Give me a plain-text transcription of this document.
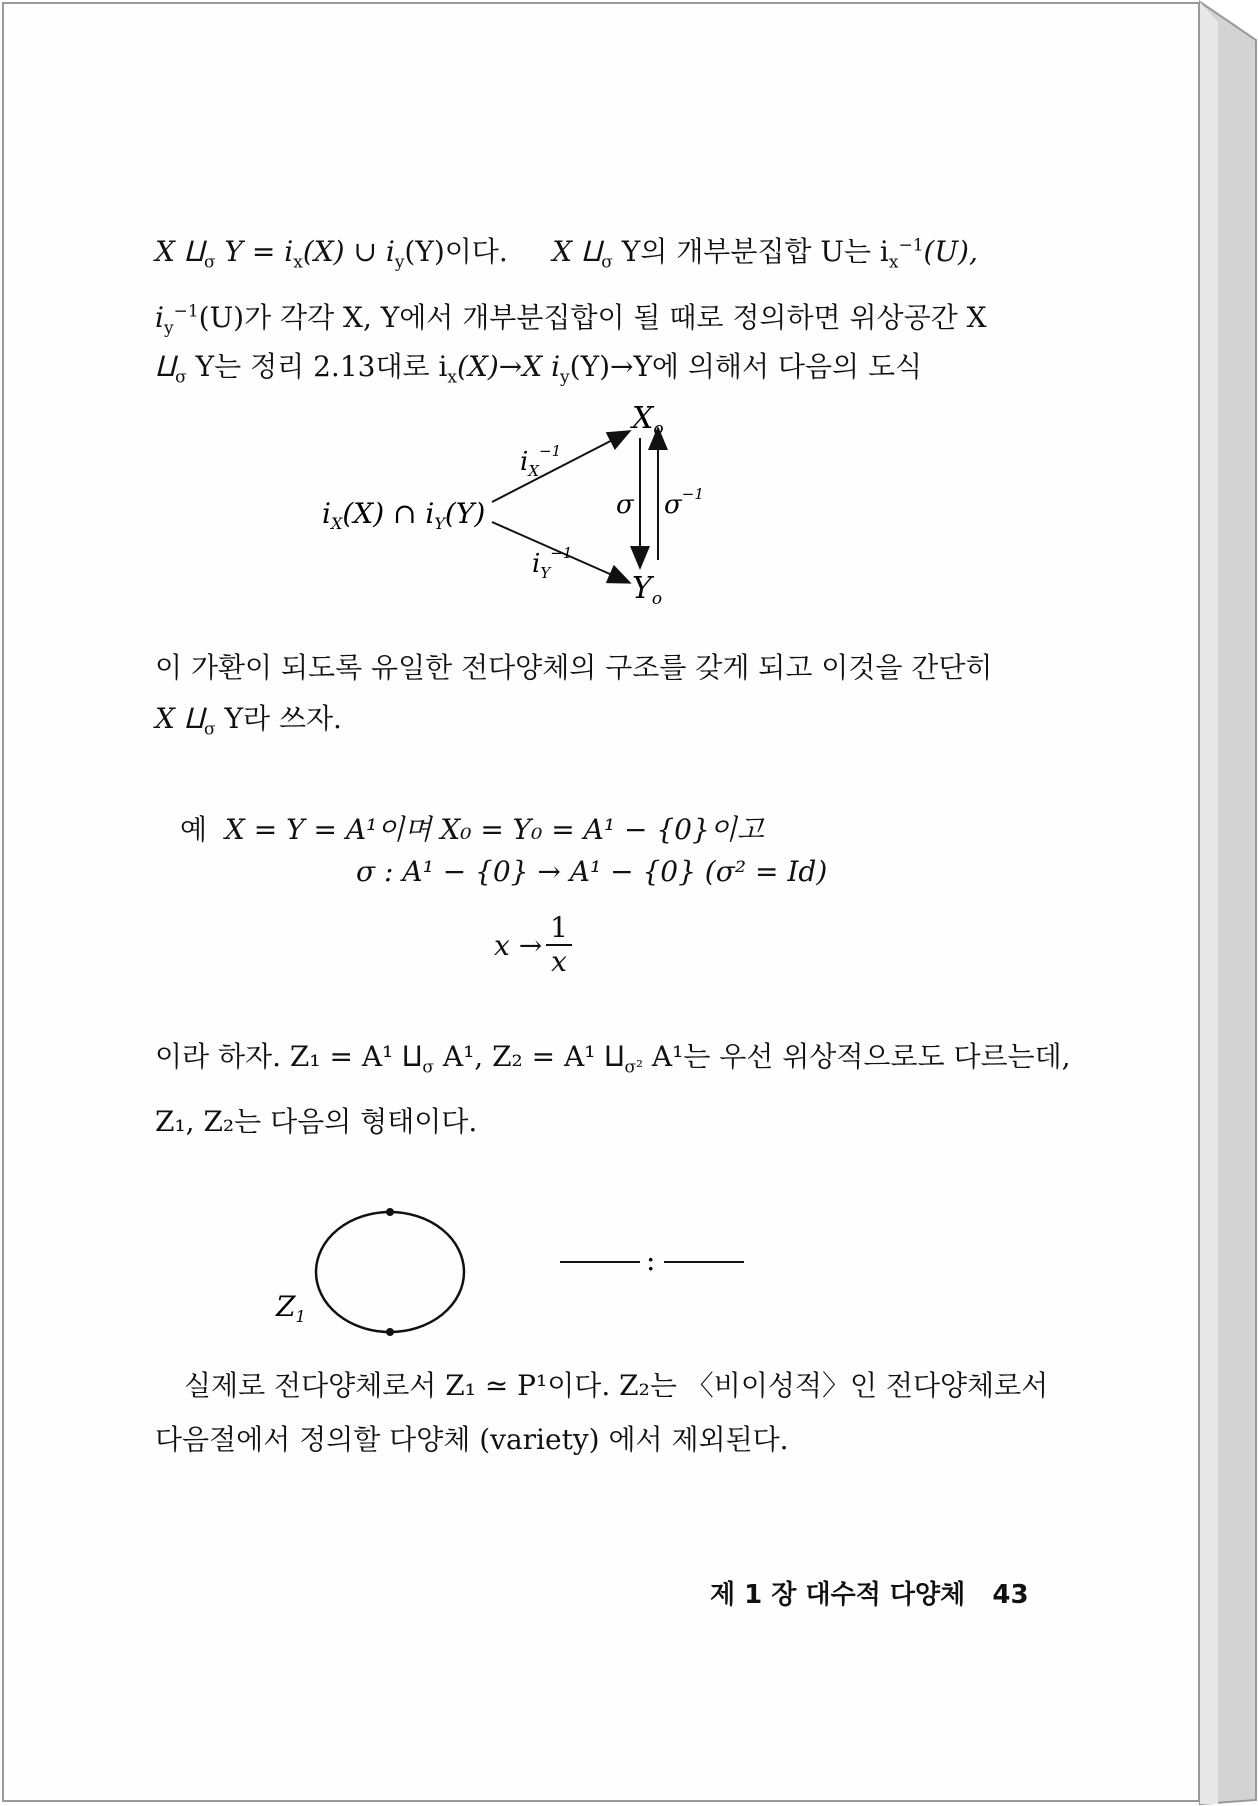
X $⨿_\sigma$ $Y = i_x(X)$ ∪ $i_y(Y)$이다. X $⨿_\sigma$ Y의 개부분집합 U는 $i_x^{-1}(U)$,
$i_y^{-1}(U)$가 각각 X, Y에서 개부분집합이 될 때로 정의하면 위상공간 X
$⨿_\sigma$ Y는 정리 2.13대로 $i_x(X)\to X$ $i_y(Y)\to Y$에 의해서 다음의 도식
$i_X(X)$ ∩ $i_Y(Y)$
$i_X^{-1}$
$i_Y^{-1}$
$X_o$
$Y_o$
σ $\sigma^{-1}$
$Z_1$
:
이 가환이 되도록 유일한 전다양체의 구조를 갖게 되고 이것을 간단히
X $⨿_\sigma$ Y라 쓰자.
예 X = Y = A¹이며 X₀ = Y₀ = A¹ − {0}이고
σ : A¹ − {0} → A¹ − {0} (σ² = Id)
$x \to \frac{1}{x}$
이라 하자. Z₁ = A¹ $⨿_\sigma$ A¹, Z₂ = A¹ $⨿_{\sigma^2}$ A¹는 우선 위상적으로도 다르는데,
Z₁, Z₂는 다음의 형태이다.
실제로 전다양체로서 Z₁ ≃ P¹이다. Z₂는 〈비이성적〉인 전다양체로서
다음절에서 정의할 다양체 (variety) 에서 제외된다.
제 1 장 대수적 다양체 43
